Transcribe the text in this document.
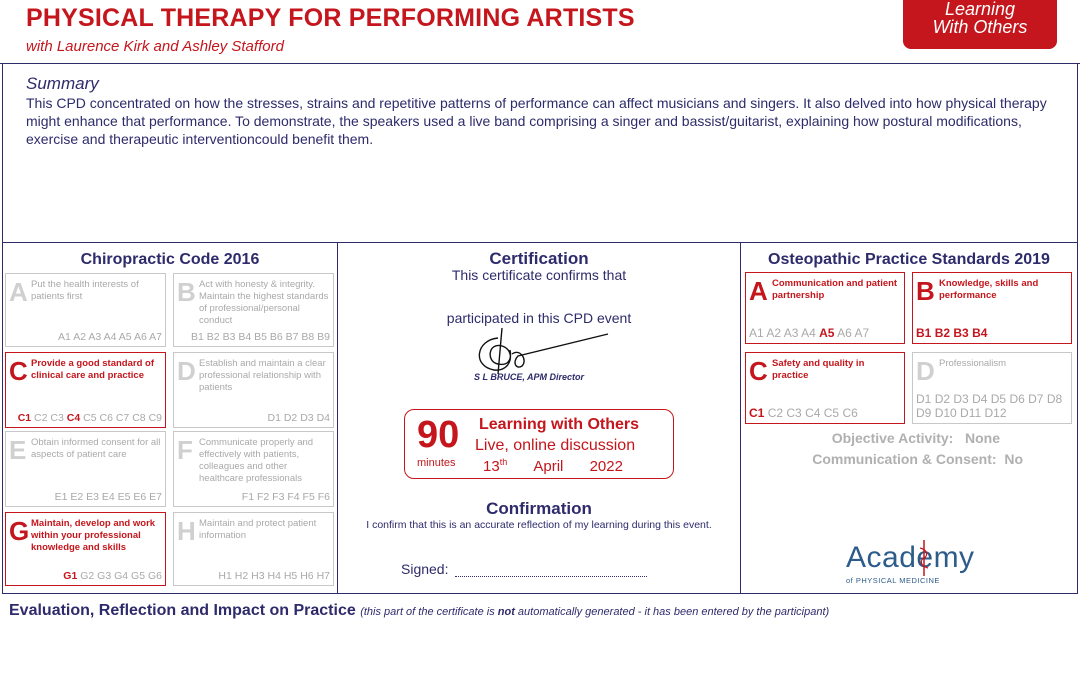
PHYSICAL THERAPY FOR PERFORMING ARTISTS
with Laurence Kirk and Ashley Stafford
Learning
With Others
Summary
This CPD concentrated on how the stresses, strains and repetitive patterns of performance can affect musicians and singers. It also delved into how physical therapy might enhance that performance. To demonstrate, the speakers used a live band comprising a singer and bassist/guitarist, explaining how postural modifications, exercise and therapeutic interventioncould benefit them.
Chiropractic Code 2016
A Put the health interests of patients first
A1 A2 A3 A4 A5 A6 A7
B Act with honesty & integrity. Maintain the highest standards of professional/personal conduct
B1 B2 B3 B4 B5 B6 B7 B8 B9
C Provide a good standard of clinical care and practice
C1 C2 C3 C4 C5 C6 C7 C8 C9
D Establish and maintain a clear professional relationship with patients
D1 D2 D3 D4
E Obtain informed consent for all aspects of patient care
E1 E2 E3 E4 E5 E6 E7
F Communicate properly and effectively with patients, colleagues and other healthcare professionals
F1 F2 F3 F4 F5 F6
G Maintain, develop and work within your professional knowledge and skills
G1 G2 G3 G4 G5 G6
H Maintain and protect patient information
H1 H2 H3 H4 H5 H6 H7
Certification
This certificate confirms that
participated in this CPD event
S L BRUCE, APM Director
90
minutes
Learning with Others
Live, online discussion
13th April 2022
Confirmation
I confirm that this is an accurate reflection of my learning during this event.
Signed:
Osteopathic Practice Standards 2019
A Communication and patient partnership
A1 A2 A3 A4 A5 A6 A7
B Knowledge, skills and performance
B1 B2 B3 B4
C Safety and quality in practice
C1 C2 C3 C4 C5 C6
D Professionalism
D1 D2 D3 D4 D5 D6 D7 D8 D9 D10 D11 D12
Objective Activity: None
Communication & Consent: No
Academy
of PHYSICAL MEDICINE
Evaluation, Reflection and Impact on Practice (this part of the certificate is not automatically generated - it has been entered by the participant)
